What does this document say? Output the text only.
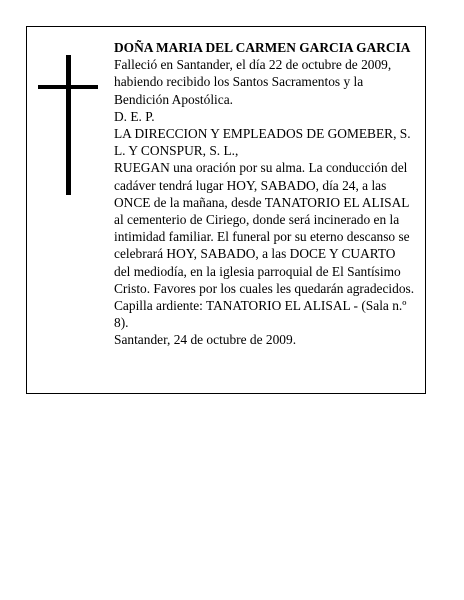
DOÑA MARIA DEL CARMEN GARCIA GARCIA

Falleció en Santander, el día 22 de octubre de 2009,
habiendo recibido los Santos Sacramentos y la
Bendición Apostólica.
D. E. P.
LA DIRECCION Y EMPLEADOS DE GOMEBER, S.
L. Y CONSPUR, S. L.,
RUEGAN una oración por su alma. La conducción del
cadáver tendrá lugar HOY, SABADO, día 24, a las
ONCE de la mañana, desde TANATORIO EL ALISAL
al cementerio de Ciriego, donde será incinerado en la
intimidad familiar. El funeral por su eterno descanso se
celebrará HOY, SABADO, a las DOCE Y CUARTO
del mediodía, en la iglesia parroquial de El Santísimo
Cristo. Favores por los cuales les quedarán agradecidos.
Capilla ardiente: TANATORIO EL ALISAL - (Sala n.º
8).
Santander, 24 de octubre de 2009.
